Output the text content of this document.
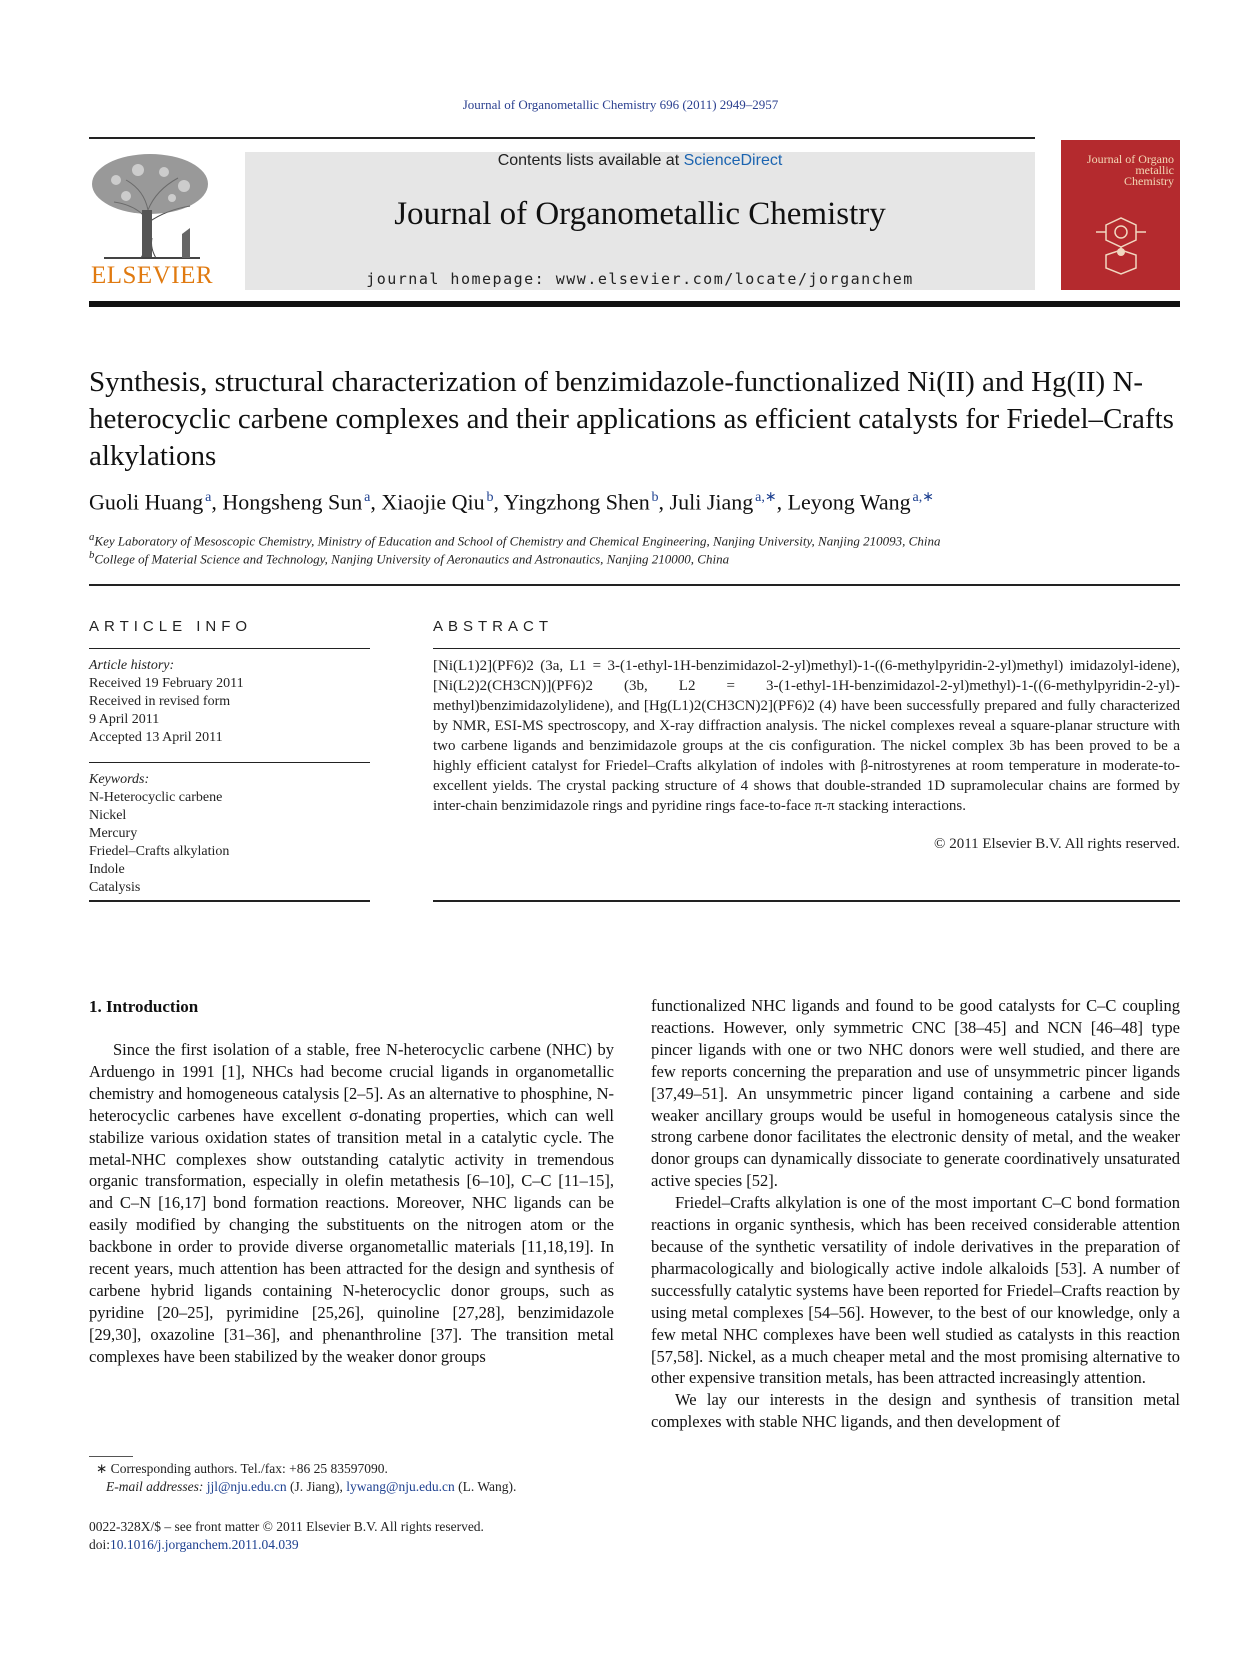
Journal of Organometallic Chemistry 696 (2011) 2949–2957
ELSEVIER
Contents lists available at ScienceDirect
Journal of Organometallic Chemistry
journal homepage: www.elsevier.com/locate/jorganchem
Journal of Organo metallic Chemistry
Synthesis, structural characterization of benzimidazole-functionalized Ni(II) and Hg(II) N-heterocyclic carbene complexes and their applications as efficient catalysts for Friedel–Crafts alkylations
Guoli Huang  $^a$, Hongsheng Sun  $^a$, Xiaojie Qiu  $^b$, Yingzhong Shen  $^b$, Juli Jiang  $^{a,∗}$, Leyong Wang  $^{a,∗}$
$^a$Key Laboratory of Mesoscopic Chemistry, Ministry of Education and School of Chemistry and Chemical Engineering, Nanjing University, Nanjing 210093, China
$^b$College of Material Science and Technology, Nanjing University of Aeronautics and Astronautics, Nanjing 210000, China
ARTICLE INFO	ABSTRACT
Article history:
Received 19 February 2011
Received in revised form
9 April 2011
Accepted 13 April 2011
Keywords:
N-Heterocyclic carbene
Nickel
Mercury
Friedel–Crafts alkylation
Indole
Catalysis
[Ni(L1)2](PF6)2 (3a, L1 = 3-(1-ethyl-1H-benzimidazol-2-yl)methyl)-1-((6-methylpyridin-2-yl)methyl) imidazolyl-idene), [Ni(L2)2(CH3CN)](PF6)2 (3b, L2 = 3-(1-ethyl-1H-benzimidazol-2-yl)methyl)-1-((6-methylpyridin-2-yl)-methyl)benzimidazolylidene), and [Hg(L1)2(CH3CN)2](PF6)2 (4) have been successfully prepared and fully characterized by NMR, ESI-MS spectroscopy, and X-ray diffraction analysis. The nickel complexes reveal a square-planar structure with two carbene ligands and benzimidazole groups at the cis configuration. The nickel complex 3b has been proved to be a highly efficient catalyst for Friedel–Crafts alkylation of indoles with β-nitrostyrenes at room temperature in moderate-to-excellent yields. The crystal packing structure of 4 shows that double-stranded 1D supramolecular chains are formed by inter-chain benzimidazole rings and pyridine rings face-to-face π-π stacking interactions.
© 2011 Elsevier B.V. All rights reserved.
1. Introduction

Since the first isolation of a stable, free N-heterocyclic carbene (NHC) by Arduengo in 1991 [1], NHCs had become crucial ligands in organometallic chemistry and homogeneous catalysis [2–5]. As an alternative to phosphine, N-heterocyclic carbenes have excellent σ-donating properties, which can well stabilize various oxidation states of transition metal in a catalytic cycle. The metal-NHC complexes show outstanding catalytic activity in tremendous organic transformation, especially in olefin metathesis [6–10], C–C [11–15], and C–N [16,17] bond formation reactions. Moreover, NHC ligands can be easily modified by changing the substituents on the nitrogen atom or the backbone in order to provide diverse organometallic materials [11,18,19]. In recent years, much attention has been attracted for the design and synthesis of carbene hybrid ligands containing N-heterocyclic donor groups, such as pyridine [20–25], pyrimidine [25,26], quinoline [27,28], benzimidazole [29,30], oxazoline [31–36], and phenanthroline [37]. The transition metal complexes have been stabilized by the weaker donor groups

functionalized NHC ligands and found to be good catalysts for C–C coupling reactions. However, only symmetric CNC [38–45] and NCN [46–48] type pincer ligands with one or two NHC donors were well studied, and there are few reports concerning the preparation and use of unsymmetric pincer ligands [37,49–51]. An unsymmetric pincer ligand containing a carbene and side weaker ancillary groups would be useful in homogeneous catalysis since the strong carbene donor facilitates the electronic density of metal, and the weaker donor groups can dynamically dissociate to generate coordinatively unsaturated active species [52].

Friedel–Crafts alkylation is one of the most important C–C bond formation reactions in organic synthesis, which has been received considerable attention because of the synthetic versatility of indole derivatives in the preparation of pharmacologically and biologically active indole alkaloids [53]. A number of successfully catalytic systems have been reported for Friedel–Crafts reaction by using metal complexes [54–56]. However, to the best of our knowledge, only a few metal NHC complexes have been well studied as catalysts in this reaction [57,58]. Nickel, as a much cheaper metal and the most promising alternative to other expensive transition metals, has been attracted increasingly attention.

We lay our interests in the design and synthesis of transition metal complexes with stable NHC ligands, and then development of

∗ Corresponding authors. Tel./fax: +86 25 83597090.
E-mail addresses: jjl@nju.edu.cn (J. Jiang), lywang@nju.edu.cn (L. Wang).
0022-328X/$ – see front matter © 2011 Elsevier B.V. All rights reserved.
doi:10.1016/j.jorganchem.2011.04.039
